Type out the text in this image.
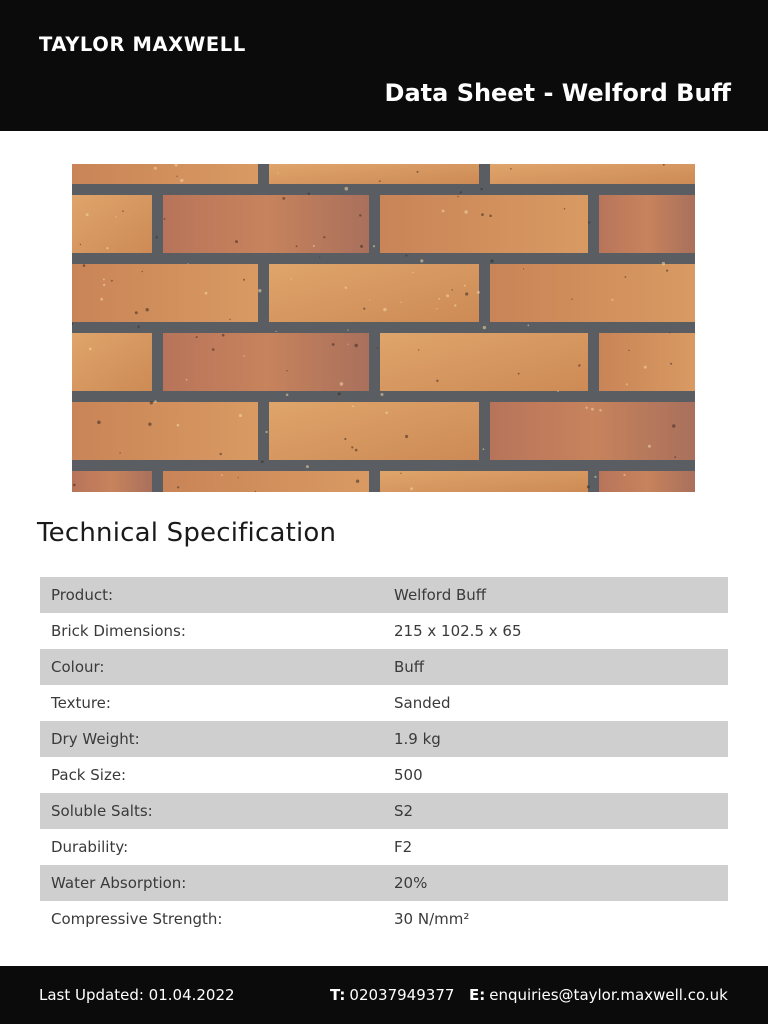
TAYLOR MAXWELL
Data Sheet - Welford Buff
Technical Specification
Product:	Welford Buff
Brick Dimensions:	215 x 102.5 x 65
Colour:	Buff
Texture:	Sanded
Dry Weight:	1.9 kg
Pack Size:	500
Soluble Salts:	S2
Durability:	F2
Water Absorption:	20%
Compressive Strength:	30 N/mm²
Last Updated: 01.04.2022	T: 02037949377 E: enquiries@taylor.maxwell.co.uk
